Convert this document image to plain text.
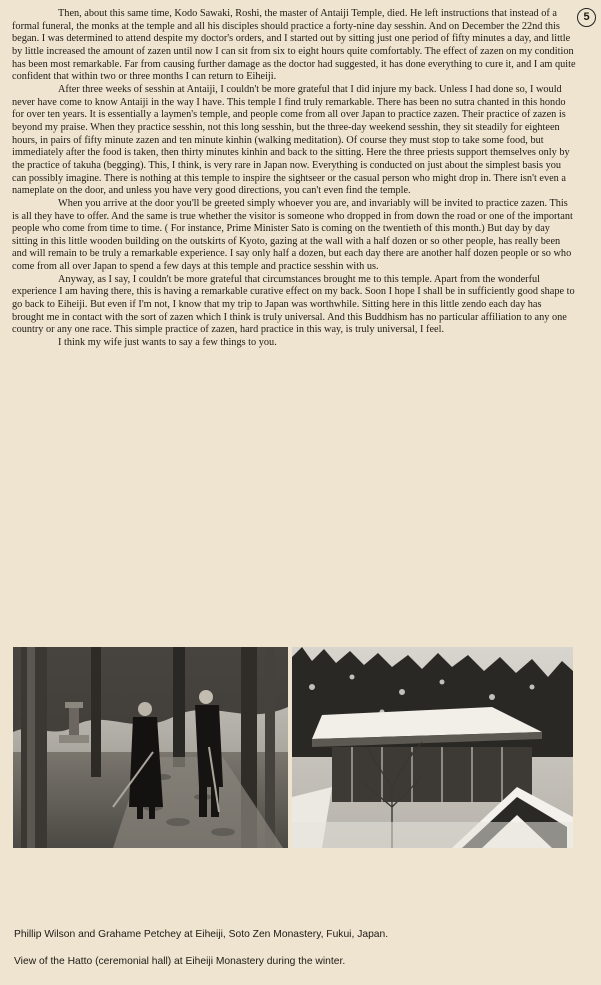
5

Then, about this same time, Kodo Sawaki, Roshi, the master of Antaiji Temple, died. He left instructions that instead of a formal funeral, the monks at the temple and all his disciples should practice a forty-nine day sesshin. And on December the 22nd this began. I was determined to attend despite my doctor's orders, and I started out by sitting just one period of fifty minutes a day, and little by little increased the amount of zazen until now I can sit from six to eight hours quite comfortably. The effect of zazen on my condition has been most remarkable. Far from causing further damage as the doctor had suggested, it has done everything to cure it, and I am quite confident that within two or three months I can return to Eiheiji.

After three weeks of sesshin at Antaiji, I couldn't be more grateful that I did injure my back. Unless I had done so, I would never have come to know Antaiji in the way I have. This temple I find truly remarkable. There has been no sutra chanted in this hondo for over ten years. It is essentially a laymen's temple, and people come from all over Japan to practice zazen. Their practice of zazen is beyond my praise. When they practice sesshin, not this long sesshin, but the three-day weekend sesshin, they sit steadily for eighteen hours, in pairs of fifty minute zazen and ten minute kinhin (walking meditation). Of course they must stop to take some food, but immediately after the food is taken, then thirty minutes kinhin and back to the sitting. Here the three priests support themselves only by the practice of takuha (begging). This, I think, is very rare in Japan now. Everything is conducted on just about the simplest basis you can possibly imagine. There is nothing at this temple to inspire the sightseer or the casual person who might drop in. There isn't even a nameplate on the door, and unless you have very good directions, you can't even find the temple.

When you arrive at the door you'll be greeted simply whoever you are, and invariably will be invited to practice zazen. This is all they have to offer. And the same is true whether the visitor is someone who dropped in from down the road or one of the important people who come from time to time. ( For instance, Prime Minister Sato is coming on the twentieth of this month.) But day by day sitting in this little wooden building on the outskirts of Kyoto, gazing at the wall with a half dozen or so other people, has really been and will remain to be truly a remarkable experience. I say only half a dozen, but each day there are another half dozen people or so who come from all over Japan to spend a few days at this temple and practice sesshin with us.

Anyway, as I say, I couldn't be more grateful that circumstances brought me to this temple. Apart from the wonderful experience I am having there, this is having a remarkable curative effect on my back. Soon I hope I shall be in sufficiently good shape to go back to Eiheiji. But even if I'm not, I know that my trip to Japan was worthwhile. Sitting here in this little zendo each day has brought me in contact with the sort of zazen which I think is truly universal. And this Buddhism has no particular affiliation to any one country or any one race. This simple practice of zazen, hard practice in this way, is truly universal, I feel.

I think my wife just wants to say a few things to you.

Phillip Wilson and Grahame Petchey at Eiheiji, Soto Zen Monastery, Fukui, Japan.
View of the Hatto (ceremonial hall) at Eiheiji Monastery during the winter.
